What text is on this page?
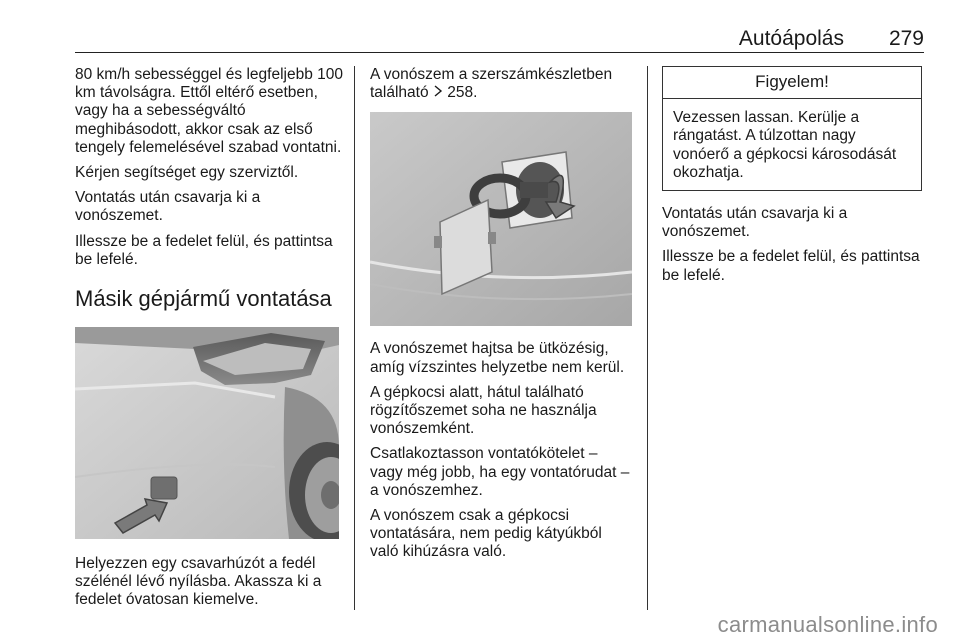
Autóápolás 279

80 km/h sebességgel és legfeljebb 100 km távolságra. Ettől eltérő esetben, vagy ha a sebességváltó meghibásodott, akkor csak az első tengely felemelésével szabad vontatni.

Kérjen segítséget egy szerviztől.

Vontatás után csavarja ki a vonószemet.

Illessze be a fedelet felül, és pattintsa be lefelé.

Másik gépjármű vontatása

Helyezzen egy csavarhúzót a fedél szélénél lévő nyílásba. Akassza ki a fedelet óvatosan kiemelve.

A vonószem a szerszámkészletben található 258.

A vonószemet hajtsa be ütközésig, amíg vízszintes helyzetbe nem kerül.

A gépkocsi alatt, hátul található rögzítőszemet soha ne használja vonószemként.

Csatlakoztasson vontatókötelet – vagy még jobb, ha egy vontatórudat – a vonószemhez.

A vonószem csak a gépkocsi vontatására, nem pedig kátyúkból való kihúzásra való.

Figyelem!
Vezessen lassan. Kerülje a rángatást. A túlzottan nagy vonóerő a gépkocsi károsodását okozhatja.

Vontatás után csavarja ki a vonószemet.

Illessze be a fedelet felül, és pattintsa be lefelé.

carmanualsonline.info
